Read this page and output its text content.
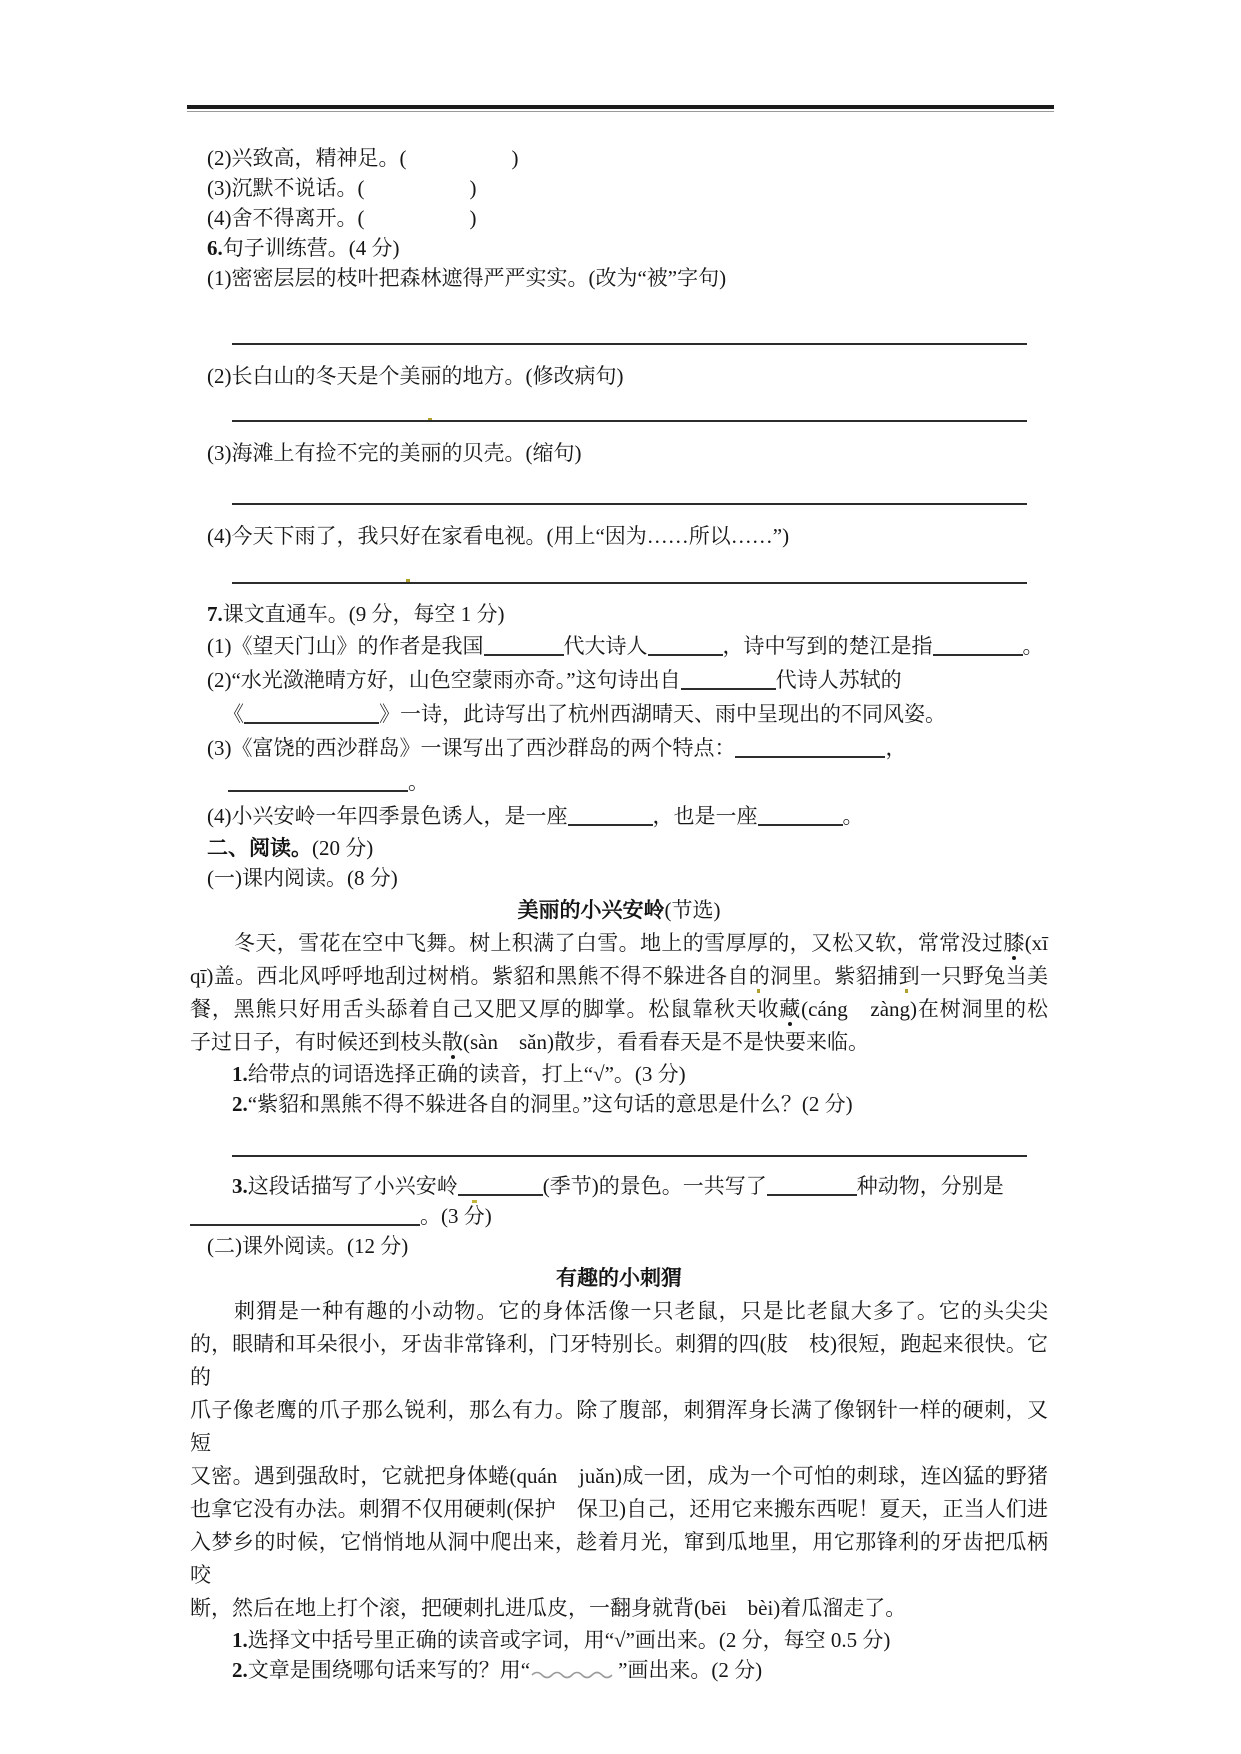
(2)兴致高，精神足。(　　　　　)
(3)沉默不说话。(　　　　　)
(4)舍不得离开。(　　　　　)
6.句子训练营。(4 分)
(1)密密层层的枝叶把森林遮得严严实实。(改为“被”字句)
(2)长白山的冬天是个美丽的地方。(修改病句)
(3)海滩上有捡不完的美丽的贝壳。(缩句)
(4)今天下雨了，我只好在家看电视。(用上“因为……所以……”)
7.课文直通车。(9 分，每空 1 分)
(1)《望天门山》的作者是我国	代大诗人	，诗中写到的楚江是指	。
(2)“水光潋滟晴方好，山色空蒙雨亦奇。”这句诗出自	代诗人苏轼的
《	》一诗，此诗写出了杭州西湖晴天、雨中呈现出的不同风姿。
(3)《富饶的西沙群岛》一课写出了西沙群岛的两个特点：	，
。
(4)小兴安岭一年四季景色诱人，是一座	，也是一座	。
二、阅读。(20 分)
(一)课内阅读。(8 分)
美丽的小兴安岭(节选)
冬天，雪花在空中飞舞。树上积满了白雪。地上的雪厚厚的，又松又软，常常没过膝(xī
qī)盖。西北风呼呼地刮过树梢。紫貂和黑熊不得不躲进各自的洞里。紫貂捕到一只野兔当美
餐，黑熊只好用舌头舔着自己又肥又厚的脚掌。松鼠靠秋天收藏(cáng　zàng)在树洞里的松
子过日子，有时候还到枝头散(sàn　sǎn)散步，看看春天是不是快要来临。
1.给带点的词语选择正确的读音，打上“√”。(3 分)
2.“紫貂和黑熊不得不躲进各自的洞里。”这句话的意思是什么？(2 分)
3.这段话描写了小兴安岭	(季节)的景色。一共写了	种动物，分别是
。(3 分)
(二)课外阅读。(12 分)
有趣的小刺猬
刺猬是一种有趣的小动物。它的身体活像一只老鼠，只是比老鼠大多了。它的头尖尖
的，眼睛和耳朵很小，牙齿非常锋利，门牙特别长。刺猬的四(肢　枝)很短，跑起来很快。它的
爪子像老鹰的爪子那么锐利，那么有力。除了腹部，刺猬浑身长满了像钢针一样的硬刺，又短
又密。遇到强敌时，它就把身体蜷(quán　juǎn)成一团，成为一个可怕的刺球，连凶猛的野猪
也拿它没有办法。刺猬不仅用硬刺(保护　保卫)自己，还用它来搬东西呢！夏天，正当人们进
入梦乡的时候，它悄悄地从洞中爬出来，趁着月光，窜到瓜地里，用它那锋利的牙齿把瓜柄咬
断，然后在地上打个滚，把硬刺扎进瓜皮，一翻身就背(bēi　bèi)着瓜溜走了。
1.选择文中括号里正确的读音或字词，用“√”画出来。(2 分，每空 0.5 分)
2.文章是围绕哪句话来写的？用“	”画出来。(2 分)
